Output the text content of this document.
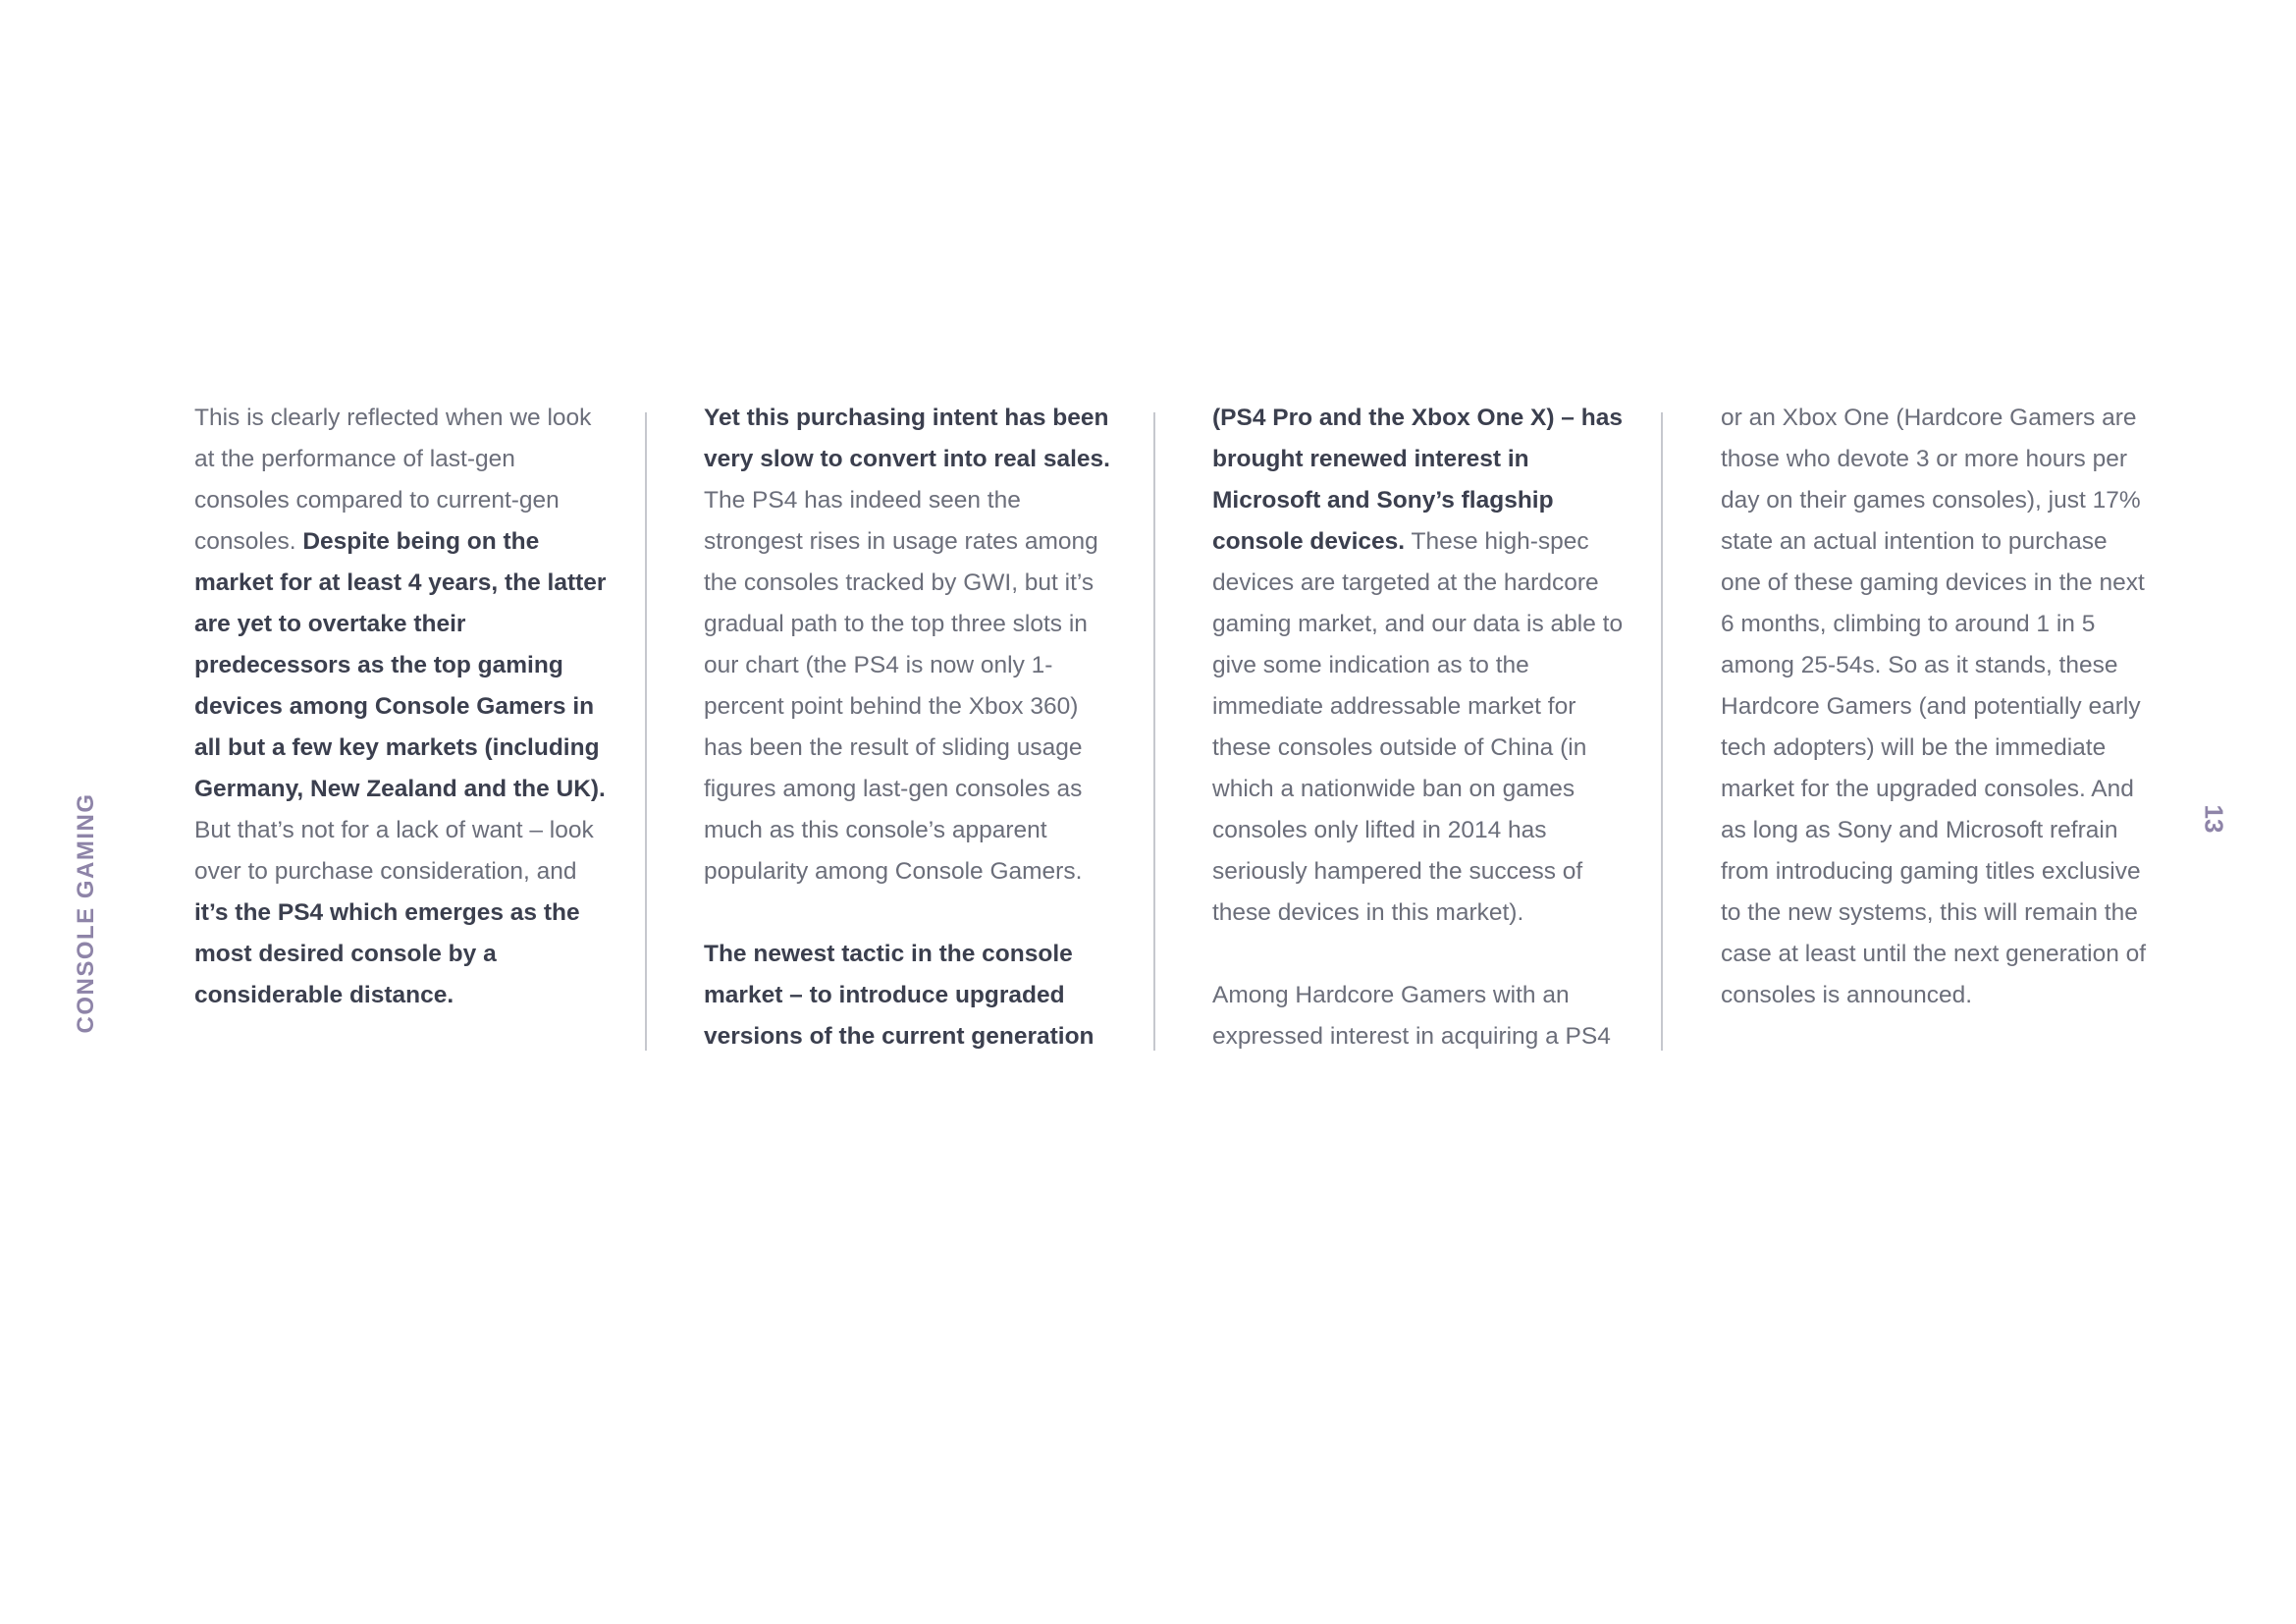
CONSOLE GAMING	13

This is clearly reflected when we look at the performance of last-gen consoles compared to current-gen consoles. Despite being on the market for at least 4 years, the latter are yet to overtake their predecessors as the top gaming devices among Console Gamers in all but a few key markets (including Germany, New Zealand and the UK). But that’s not for a lack of want – look over to purchase consideration, and it’s the PS4 which emerges as the most desired console by a considerable distance.

Yet this purchasing intent has been very slow to convert into real sales. The PS4 has indeed seen the strongest rises in usage rates among the consoles tracked by GWI, but it’s gradual path to the top three slots in our chart (the PS4 is now only 1-percent point behind the Xbox 360) has been the result of sliding usage figures among last-gen consoles as much as this console’s apparent popularity among Console Gamers.

The newest tactic in the console market – to introduce upgraded versions of the current generation

(PS4 Pro and the Xbox One X) – has brought renewed interest in Microsoft and Sony’s flagship console devices. These high-spec devices are targeted at the hardcore gaming market, and our data is able to give some indication as to the immediate addressable market for these consoles outside of China (in which a nationwide ban on games consoles only lifted in 2014 has seriously hampered the success of these devices in this market).

Among Hardcore Gamers with an expressed interest in acquiring a PS4

or an Xbox One (Hardcore Gamers are those who devote 3 or more hours per day on their games consoles), just 17% state an actual intention to purchase one of these gaming devices in the next 6 months, climbing to around 1 in 5 among 25-54s. So as it stands, these Hardcore Gamers (and potentially early tech adopters) will be the immediate market for the upgraded consoles. And as long as Sony and Microsoft refrain from introducing gaming titles exclusive to the new systems, this will remain the case at least until the next generation of consoles is announced.
